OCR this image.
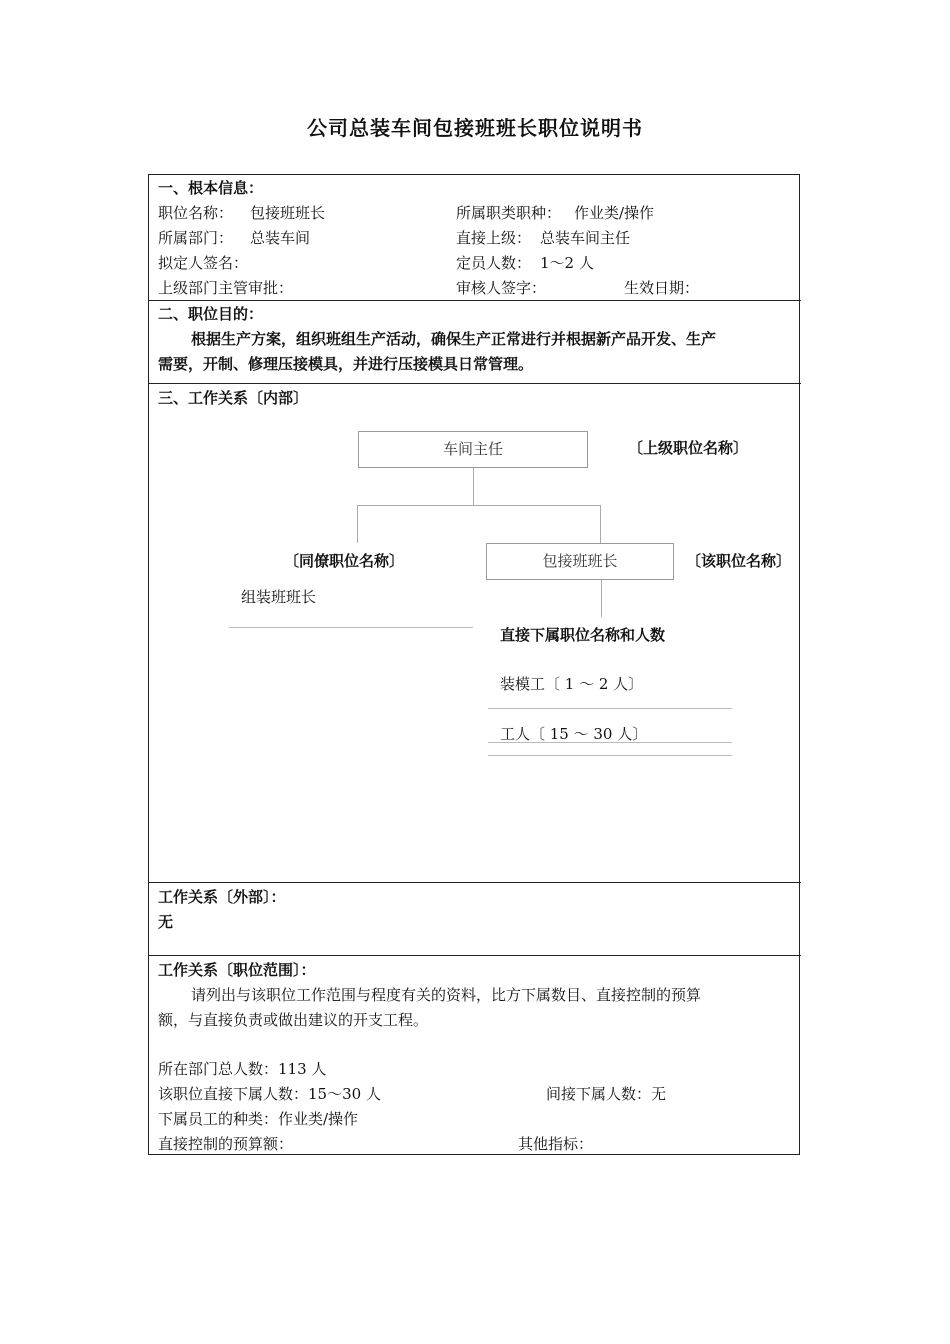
公司总装车间包接班班长职位说明书
一、根本信息：
职位名称： 包接班班长	所属职类职种： 作业类/操作
所属部门： 总装车间	直接上级： 总装车间主任
拟定人签名：	定员人数： 1～2 人
上级部门主管审批：	审核人签字：	生效日期：
二、职位目的：
根据生产方案，组织班组生产活动，确保生产正常进行并根据新产品开发、生产
需要，开制、修理压接模具，并进行压接模具日常管理。
三、工作关系〔内部〕
车间主任	〔上级职位名称〕
〔同僚职位名称〕	包接班班长	〔该职位名称〕
组装班班长
直接下属职位名称和人数
装模工〔 1 ～ 2 人〕
工人〔 15 ～ 30 人〕
工作关系〔外部〕：
无
工作关系〔职位范围〕：
请列出与该职位工作范围与程度有关的资料，比方下属数目、直接控制的预算
额，与直接负责或做出建议的开支工程。
所在部门总人数：113 人
该职位直接下属人数：15～30 人	间接下属人数：无
下属员工的种类：作业类/操作
直接控制的预算额：	其他指标：
